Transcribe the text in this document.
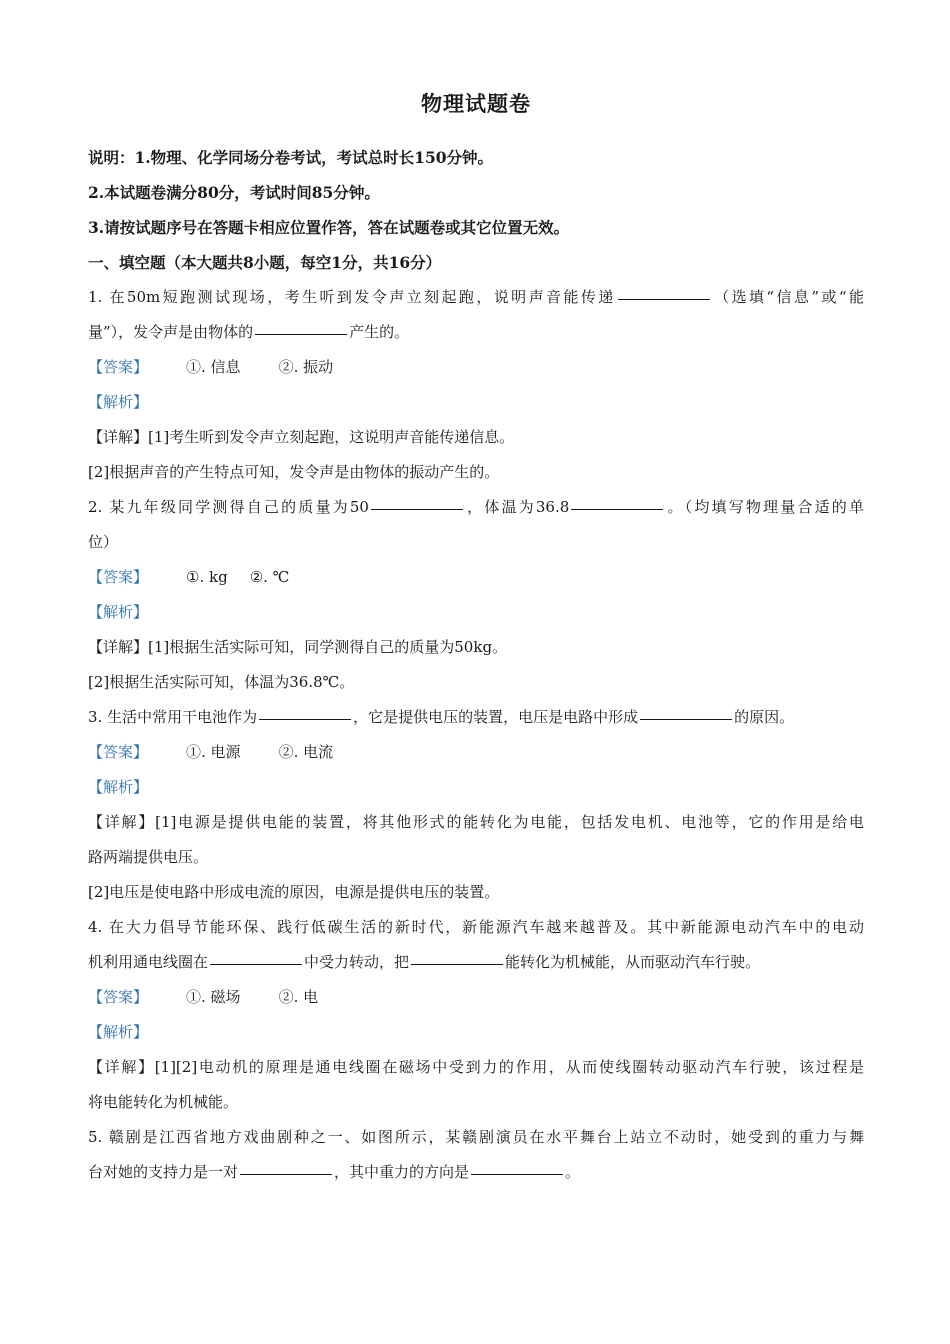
物理试题卷
说明：1.物理、化学同场分卷考试，考试总时长150分钟。
2.本试题卷满分80分，考试时间85分钟。
3.请按试题序号在答题卡相应位置作答，答在试题卷或其它位置无效。
一、填空题（本大题共8小题，每空1分，共16分）
1. 在50m短跑测试现场，考生听到发令声立刻起跑，说明声音能传递	（选填“信息”或“能
量”），发令声是由物体的	产生的。
【答案】	①. 信息	②. 振动
【解析】
【详解】[1]考生听到发令声立刻起跑，这说明声音能传递信息。
[2]根据声音的产生特点可知，发令声是由物体的振动产生的。
2. 某九年级同学测得自己的质量为50	，体温为36.8	。（均填写物理量合适的单
位）
【答案】	①. kg ②. ℃
【解析】
【详解】[1]根据生活实际可知，同学测得自己的质量为50kg。
[2]根据生活实际可知，体温为36.8℃。
3. 生活中常用干电池作为	，它是提供电压的装置，电压是电路中形成	的原因。
【答案】	①. 电源	②. 电流
【解析】
【详解】[1]电源是提供电能的装置，将其他形式的能转化为电能，包括发电机、电池等，它的作用是给电
路两端提供电压。
[2]电压是使电路中形成电流的原因，电源是提供电压的装置。
4. 在大力倡导节能环保、践行低碳生活的新时代，新能源汽车越来越普及。其中新能源电动汽车中的电动
机利用通电线圈在	中受力转动，把	能转化为机械能，从而驱动汽车行驶。
【答案】	①. 磁场	②. 电
【解析】
【详解】[1][2]电动机的原理是通电线圈在磁场中受到力的作用，从而使线圈转动驱动汽车行驶，该过程是
将电能转化为机械能。
5. 赣剧是江西省地方戏曲剧种之一、如图所示，某赣剧演员在水平舞台上站立不动时，她受到的重力与舞
台对她的支持力是一对	，其中重力的方向是	。
